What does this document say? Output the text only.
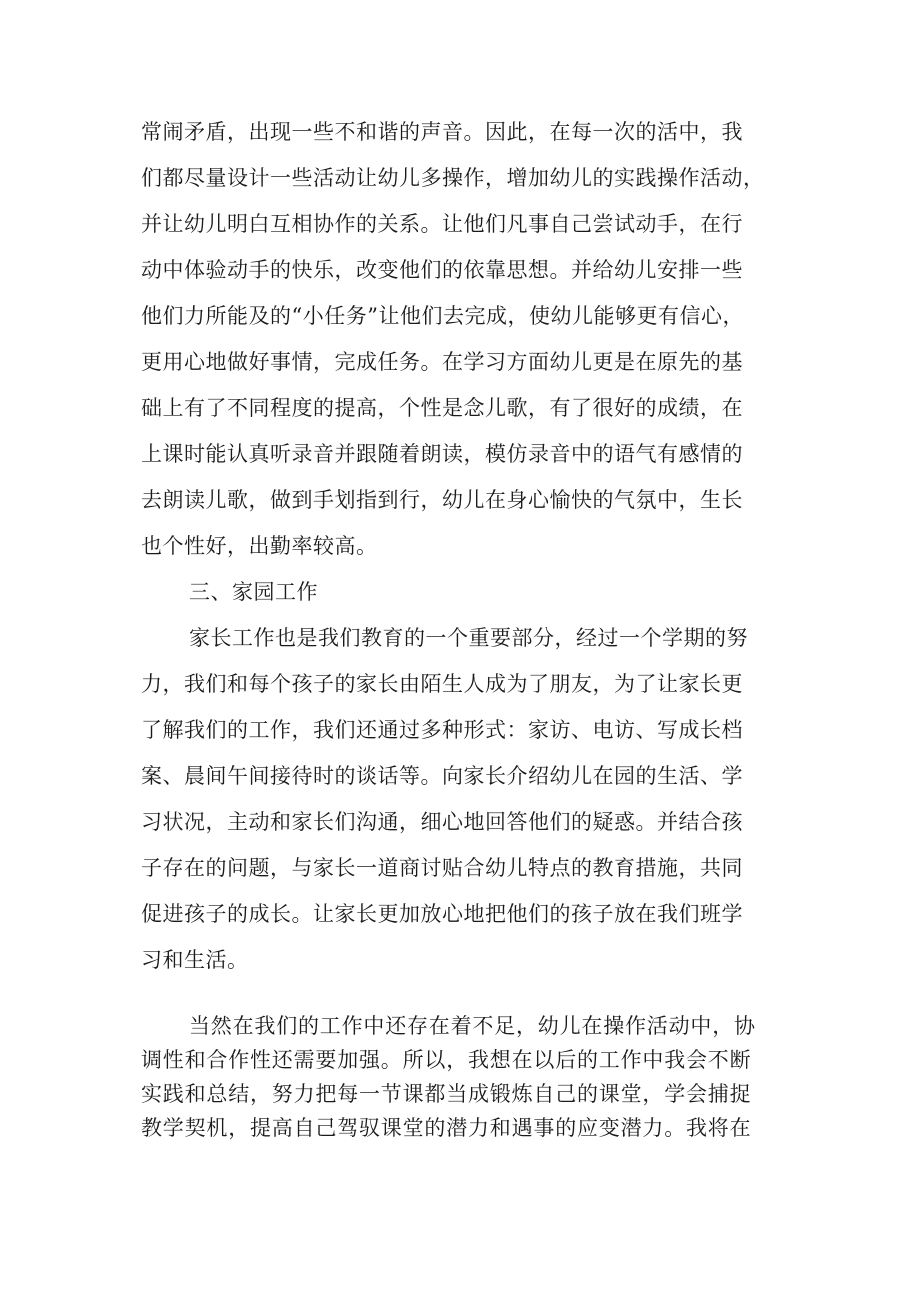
常闹矛盾，出现一些不和谐的声音。因此，在每一次的活中，我
们都尽量设计一些活动让幼儿多操作，增加幼儿的实践操作活动，
并让幼儿明白互相协作的关系。让他们凡事自己尝试动手，在行
动中体验动手的快乐，改变他们的依靠思想。并给幼儿安排一些
他们力所能及的“小任务”让他们去完成，使幼儿能够更有信心，
更用心地做好事情，完成任务。在学习方面幼儿更是在原先的基
础上有了不同程度的提高，个性是念儿歌，有了很好的成绩，在
上课时能认真听录音并跟随着朗读，模仿录音中的语气有感情的
去朗读儿歌，做到手划指到行，幼儿在身心愉快的气氛中，生长
也个性好，出勤率较高。
三、家园工作
家长工作也是我们教育的一个重要部分，经过一个学期的努
力，我们和每个孩子的家长由陌生人成为了朋友，为了让家长更
了解我们的工作，我们还通过多种形式：家访、电访、写成长档
案、晨间午间接待时的谈话等。向家长介绍幼儿在园的生活、学
习状况，主动和家长们沟通，细心地回答他们的疑惑。并结合孩
子存在的问题，与家长一道商讨贴合幼儿特点的教育措施，共同
促进孩子的成长。让家长更加放心地把他们的孩子放在我们班学
习和生活。
当然在我们的工作中还存在着不足，幼儿在操作活动中，协
调性和合作性还需要加强。所以，我想在以后的工作中我会不断
实践和总结，努力把每一节课都当成锻炼自己的课堂，学会捕捉
教学契机，提高自己驾驭课堂的潜力和遇事的应变潜力。我将在
